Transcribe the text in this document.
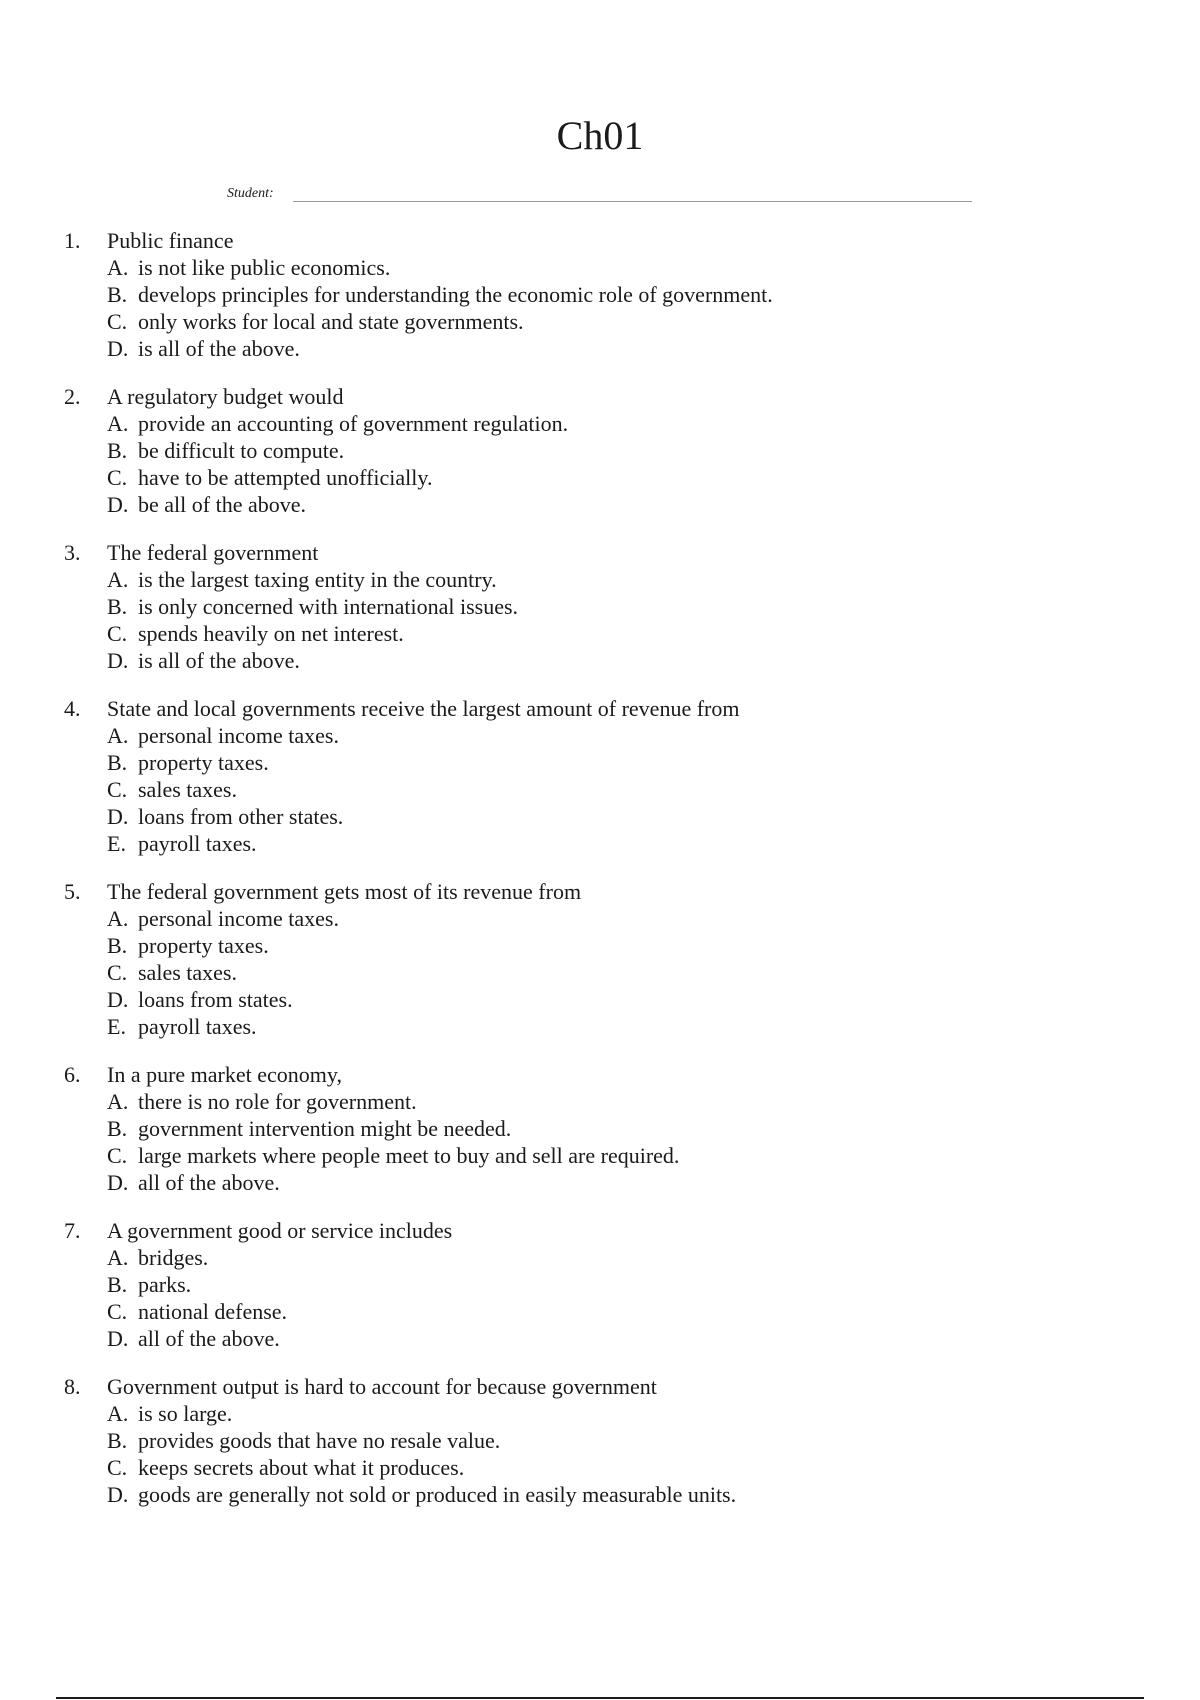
Ch01
Student:
1.	Public finance
A. is not like public economics.
B. develops principles for understanding the economic role of government.
C. only works for local and state governments.
D. is all of the above.
2.	A regulatory budget would
A. provide an accounting of government regulation.
B. be difficult to compute.
C. have to be attempted unofficially.
D. be all of the above.
3.	The federal government
A. is the largest taxing entity in the country.
B. is only concerned with international issues.
C. spends heavily on net interest.
D. is all of the above.
4.	State and local governments receive the largest amount of revenue from
A. personal income taxes.
B. property taxes.
C. sales taxes.
D. loans from other states.
E. payroll taxes.
5.	The federal government gets most of its revenue from
A. personal income taxes.
B. property taxes.
C. sales taxes.
D. loans from states.
E. payroll taxes.
6.	In a pure market economy,
A. there is no role for government.
B. government intervention might be needed.
C. large markets where people meet to buy and sell are required.
D. all of the above.
7.	A government good or service includes
A. bridges.
B. parks.
C. national defense.
D. all of the above.
8.	Government output is hard to account for because government
A. is so large.
B. provides goods that have no resale value.
C. keeps secrets about what it produces.
D. goods are generally not sold or produced in easily measurable units.
